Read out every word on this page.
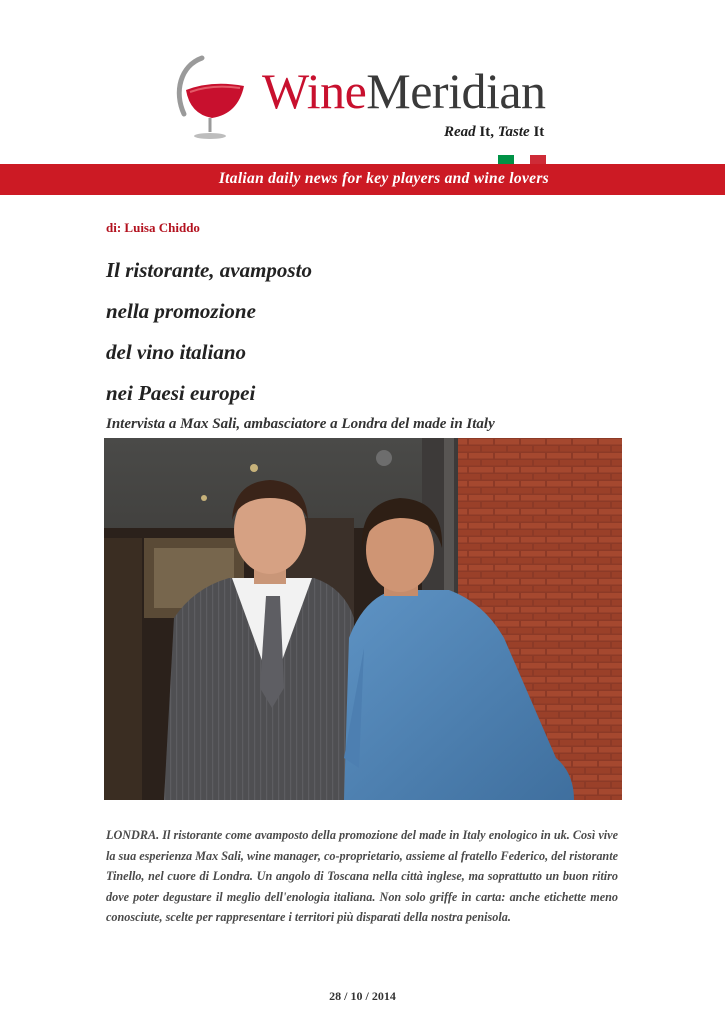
WineMeridian
Read It, Taste It
Italian daily news for key players and wine lovers
di: Luisa Chiddo
Il ristorante, avamposto
nella promozione
del vino italiano
nei Paesi europei
Intervista a Max Sali, ambasciatore a Londra del made in Italy

LONDRA. Il ristorante come avamposto della promozione del made in Italy enologico in uk. Così vive la sua esperienza Max Sali, wine manager, co-proprietario, assieme al fratello Federico, del ristorante Tinello, nel cuore di Londra. Un angolo di Toscana nella città inglese, ma soprattutto un buon ritiro dove poter degustare il meglio dell'enologia italiana. Non solo griffe in carta: anche etichette meno conosciute, scelte per rappresentare i territori più disparati della nostra penisola.

28 / 10 / 2014
